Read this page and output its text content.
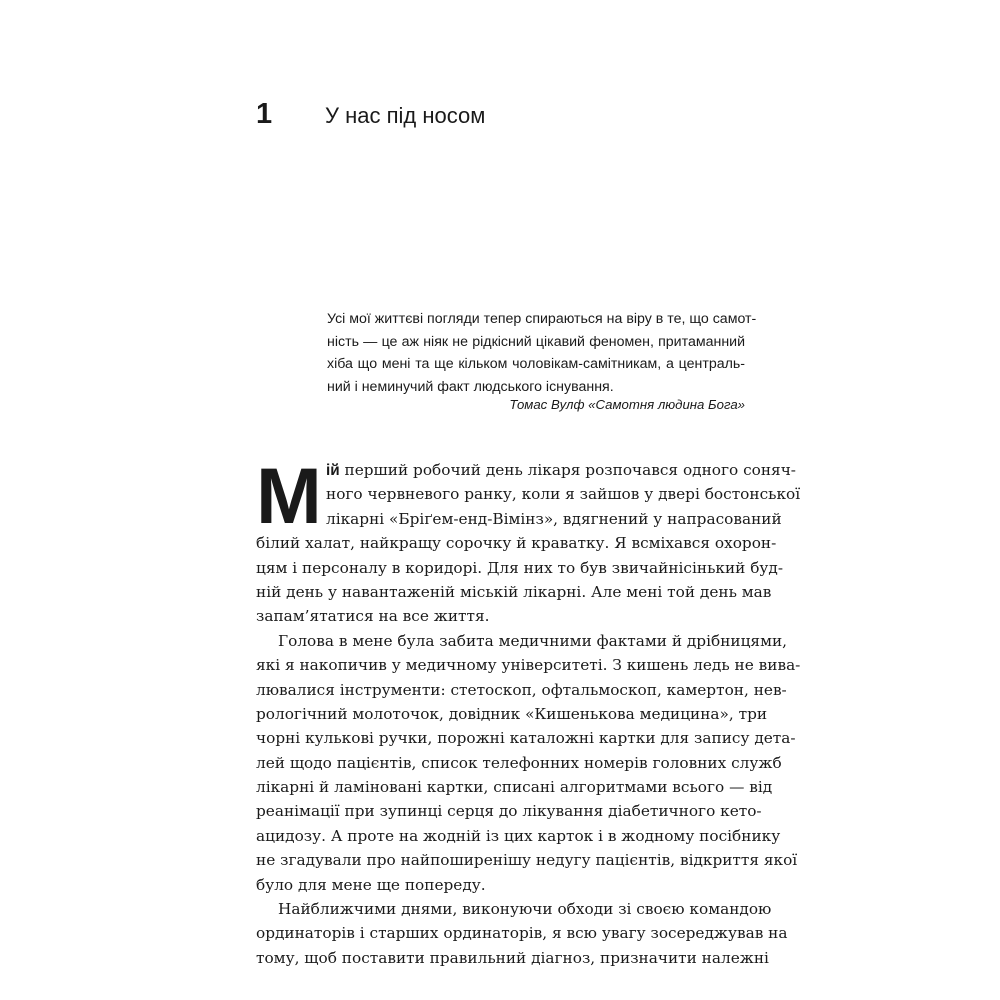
1	У нас під носом
Усі мої життєві погляди тепер спираються на віру в те, що самот-
ність — це аж ніяк не рідкісний цікавий феномен, притаманний
хіба що мені та ще кільком чоловікам-самітникам, а централь-
ний і неминучий факт людського існування.
Томас Вулф «Самотня людина Бога»
М ій перший робочий день лікаря розпочався одного соняч-
ного червневого ранку, коли я зайшов у двері бостонської
лікарні «Бріґем-енд-Вімінз», вдягнений у напрасований
білий халат, найкращу сорочку й краватку. Я всміхався охорон-
цям і персоналу в коридорі. Для них то був звичайнісінький буд-
ній день у навантаженій міській лікарні. Але мені той день мав
запам’ятатися на все життя.
Голова в мене була забита медичними фактами й дрібницями,
які я накопичив у медичному університеті. З кишень ледь не вива-
лювалися інструменти: стетоскоп, офтальмоскоп, камертон, нев-
рологічний молоточок, довідник «Кишенькова медицина», три
чорні кулькові ручки, порожні каталожні картки для запису дета-
лей щодо пацієнтів, список телефонних номерів головних служб
лікарні й ламіновані картки, списані алгоритмами всього — від
реанімації при зупинці серця до лікування діабетичного кето-
ацидозу. А проте на жодній із цих карток і в жодному посібнику
не згадували про найпоширенішу недугу пацієнтів, відкриття якої
було для мене ще попереду.
Найближчими днями, виконуючи обходи зі своєю командою
ординаторів і старших ординаторів, я всю увагу зосереджував на
тому, щоб поставити правильний діагноз, призначити належні
